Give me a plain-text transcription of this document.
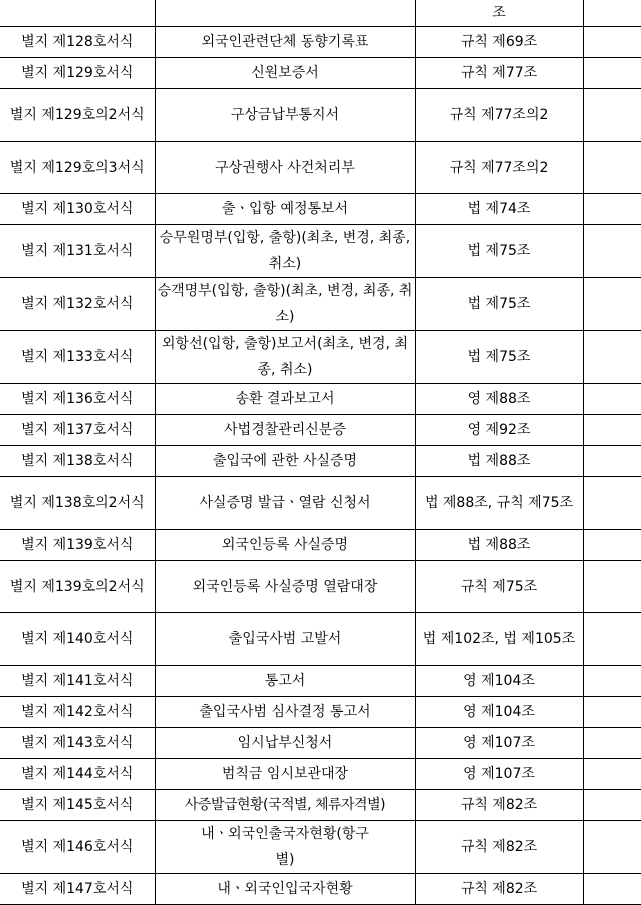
		조	
별지 제128호서식	외국인관련단체 동향기록표	규칙 제69조	
별지 제129호서식	신원보증서	규칙 제77조	
별지 제129호의2서식	구상금납부통지서	규칙 제77조의2	
별지 제129호의3서식	구상권행사 사건처리부	규칙 제77조의2	
별지 제130호서식	출ㆍ입항 예정통보서	법 제74조	
별지 제131호서식	승무원명부(입항, 출항)(최초, 변경, 최종, 취소)	법 제75조	
별지 제132호서식	승객명부(입항, 출항)(최초, 변경, 최종, 취소)	법 제75조	
별지 제133호서식	외항선(입항, 출항)보고서(최초, 변경, 최종, 취소)	법 제75조	
별지 제136호서식	송환 결과보고서	영 제88조	
별지 제137호서식	사법경찰관리신분증	영 제92조	
별지 제138호서식	출입국에 관한 사실증명	법 제88조	
별지 제138호의2서식	사실증명 발급ㆍ열람 신청서	법 제88조, 규칙 제75조	
별지 제139호서식	외국인등록 사실증명	법 제88조	
별지 제139호의2서식	외국인등록 사실증명 열람대장	규칙 제75조	
별지 제140호서식	출입국사범 고발서	법 제102조, 법 제105조	
별지 제141호서식	통고서	영 제104조	
별지 제142호서식	출입국사범 심사결정 통고서	영 제104조	
별지 제143호서식	임시납부신청서	영 제107조	
별지 제144호서식	범칙금 임시보관대장	영 제107조	
별지 제145호서식	사증발급현황(국적별, 체류자격별)	규칙 제82조	
별지 제146호서식	내ㆍ외국인출국자현황(항구별)	규칙 제82조	
별지 제147호서식	내ㆍ외국인입국자현황	규칙 제82조	
